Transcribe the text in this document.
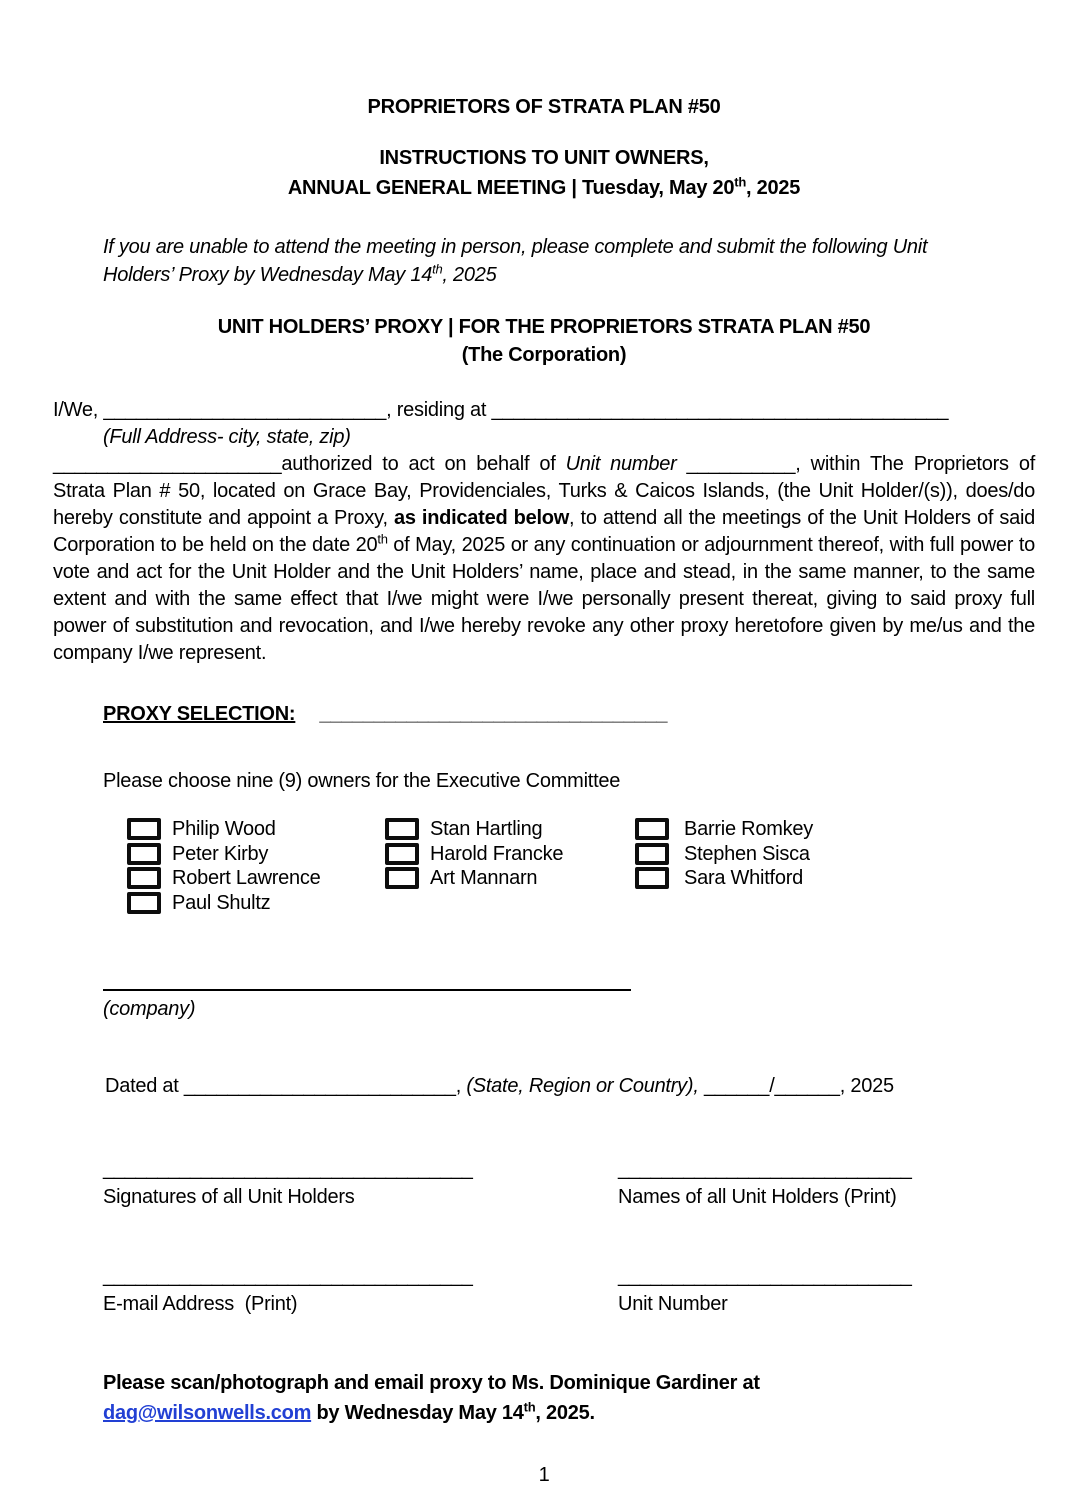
PROPRIETORS OF STRATA PLAN #50
INSTRUCTIONS TO UNIT OWNERS,
ANNUAL GENERAL MEETING | Tuesday, May 20th, 2025
If you are unable to attend the meeting in person, please complete and submit the following Unit Holders’ Proxy by Wednesday May 14th, 2025
UNIT HOLDERS’ PROXY | FOR THE PROPRIETORS STRATA PLAN #50
(The Corporation)
I/We, __________________________, residing at __________________________________________
(Full Address- city, state, zip)

_____________________authorized to act on behalf of Unit number __________, within The Proprietors of Strata Plan # 50, located on Grace Bay, Providenciales, Turks & Caicos Islands, (the Unit Holder/(s)), does/do hereby constitute and appoint a Proxy, as indicated below, to attend all the meetings of the Unit Holders of said Corporation to be held on the date 20th of May, 2025 or any continuation or adjournment thereof, with full power to vote and act for the Unit Holder and the Unit Holders’ name, place and stead, in the same manner, to the same extent and with the same effect that I/we might were I/we personally present thereat, giving to said proxy full power of substitution and revocation, and I/we hereby revoke any other proxy heretofore given by me/us and the company I/we represent.

PROXY SELECTION: ________________________________
Please choose nine (9) owners for the Executive Committee
Philip Wood
Peter Kirby
Robert Lawrence
Paul Shultz
Stan Hartling
Harold Francke
Art Mannarn
Barrie Romkey
Stephen Sisca
Sara Whitford
(company)
Dated at _________________________, (State, Region or Country), ______/______, 2025
__________________________________
Signatures of all Unit Holders
___________________________
Names of all Unit Holders (Print)
__________________________________
E-mail Address  (Print)
___________________________
Unit Number

Please scan/photograph and email proxy to Ms. Dominique Gardiner at dag@wilsonwells.com by Wednesday May 14th, 2025.

1
